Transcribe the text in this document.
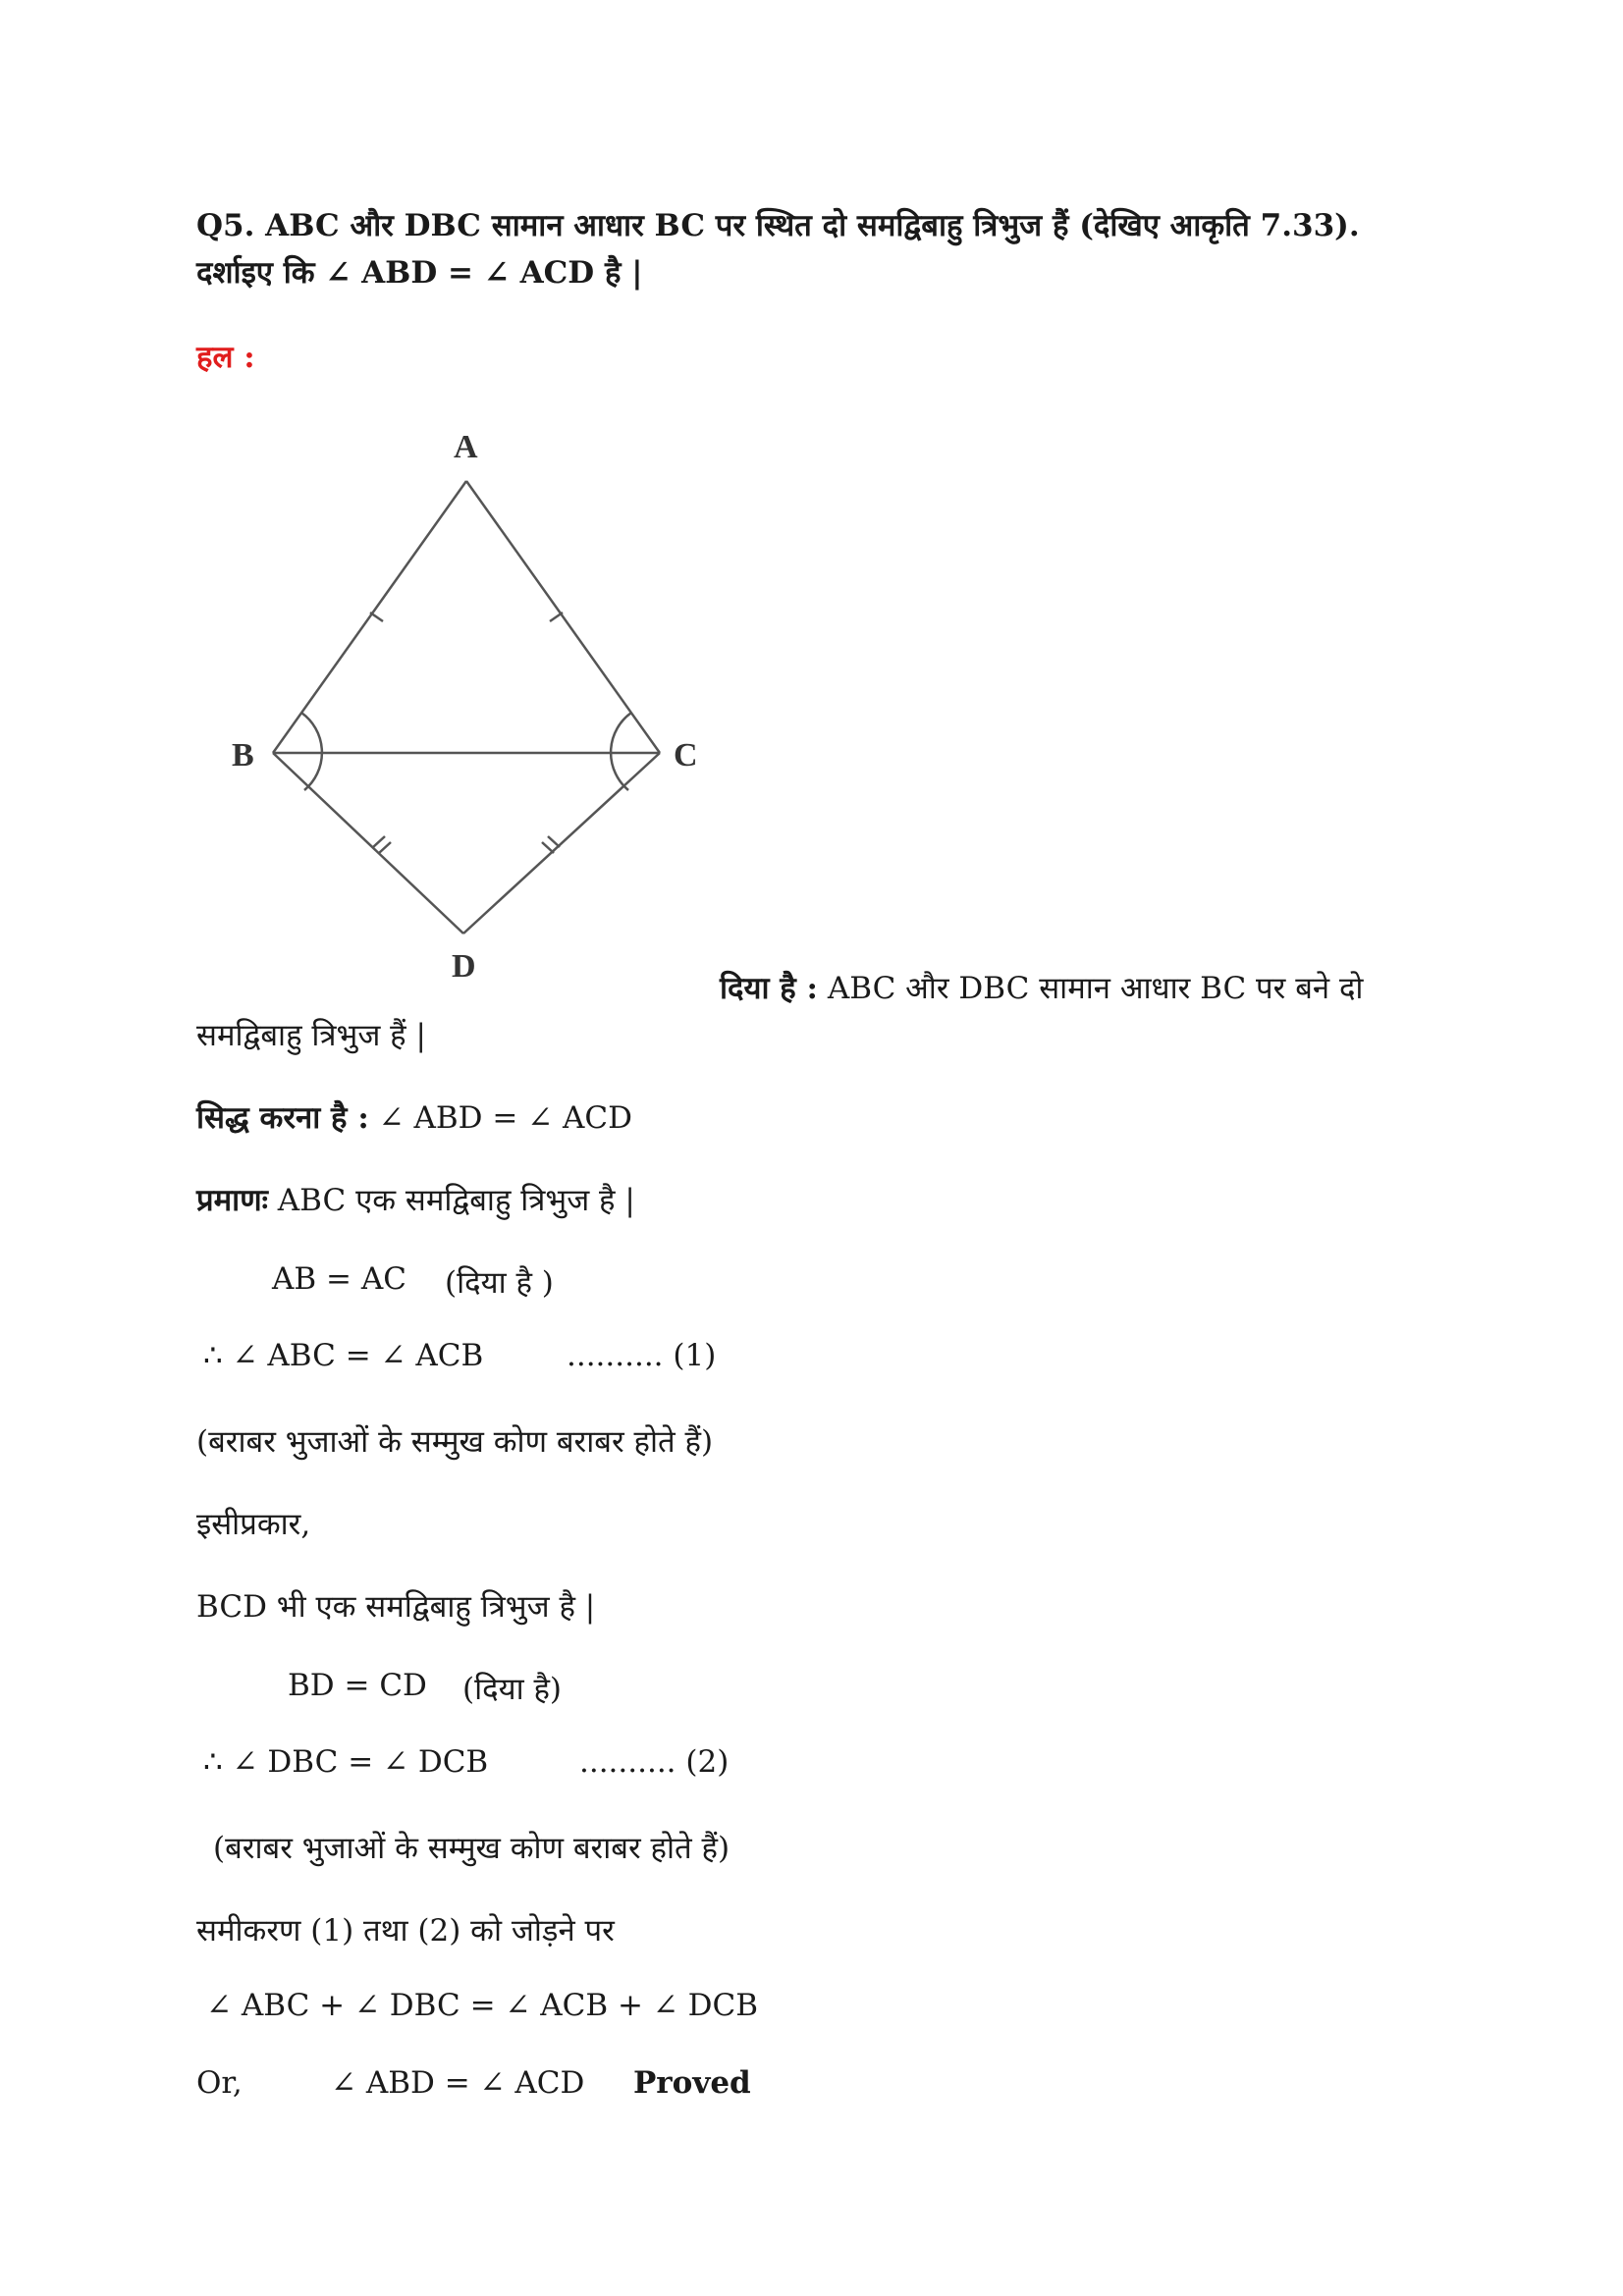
Q5. ABC और DBC सामान आधार BC पर स्थित दो समद्विबाहु त्रिभुज हैं (देखिए आकृति 7.33).
दर्शाइए कि ∠ ABD = ∠ ACD है |
हल :
A
B	C
D
दिया है : ABC और DBC सामान आधार BC पर बने दो
समद्विबाहु त्रिभुज हैं |
सिद्ध करना है : ∠ ABD = ∠ ACD
प्रमाणः ABC एक समद्विबाहु त्रिभुज है |
AB = AC (दिया है )
∴ ∠ ABC = ∠ ACB	.......... (1)
(बराबर भुजाओं के सम्मुख कोण बराबर होते हैं)
इसीप्रकार,
BCD भी एक समद्विबाहु त्रिभुज है |
BD = CD (दिया है)
∴ ∠ DBC = ∠ DCB	.......... (2)
(बराबर भुजाओं के सम्मुख कोण बराबर होते हैं)
समीकरण (1) तथा (2) को जोड़ने पर
∠ ABC + ∠ DBC = ∠ ACB + ∠ DCB
Or,	∠ ABD = ∠ ACD Proved
